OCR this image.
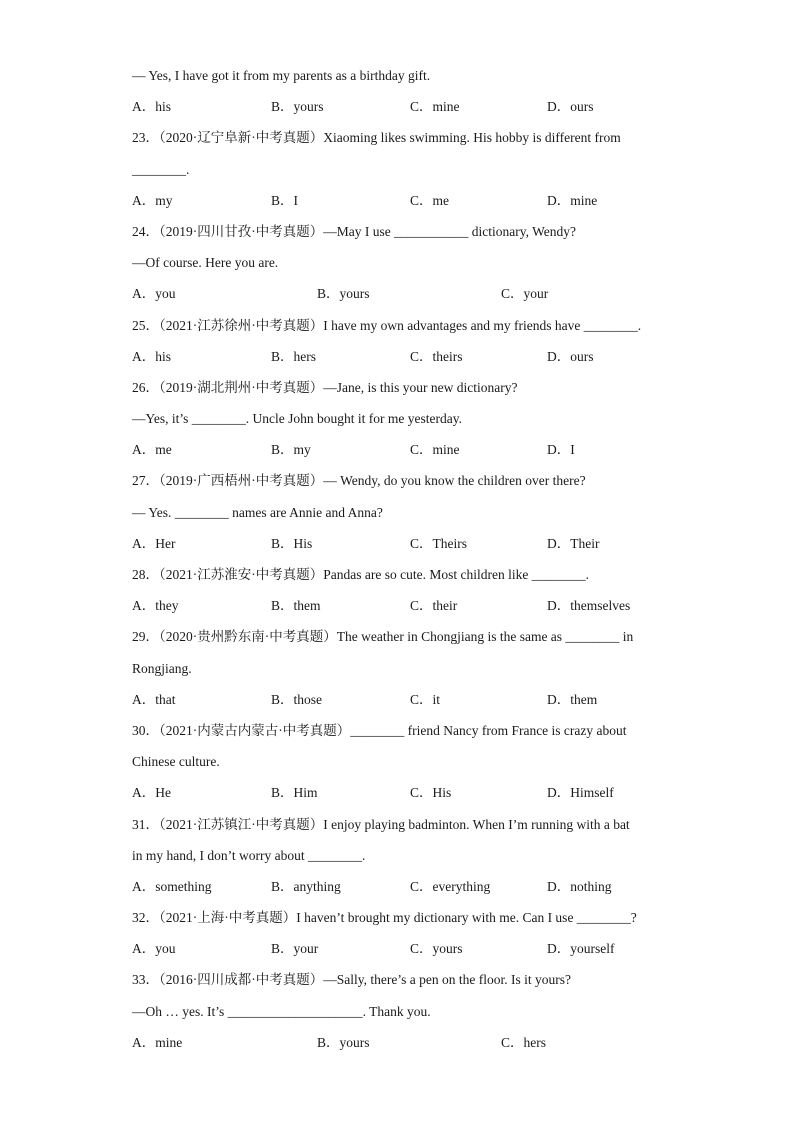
— Yes, I have got it from my parents as a birthday gift.
A．his	B．yours	C．mine	D．ours
23．（2020·辽宁阜新·中考真题）Xiaoming likes swimming. His hobby is different from
________.
A．my	B．I	C．me	D．mine
24．（2019·四川甘孜·中考真题）—May I use ___________ dictionary, Wendy?
—Of course. Here you are.
A．you	B．yours	C．your
25．（2021·江苏徐州·中考真题）I have my own advantages and my friends have ________.
A．his	B．hers	C．theirs	D．ours
26．（2019·湖北荆州·中考真题）—Jane, is this your new dictionary?
—Yes, it’s ________. Uncle John bought it for me yesterday.
A．me	B．my	C．mine	D．I
27．（2019·广西梧州·中考真题）— Wendy, do you know the children over there?
— Yes. ________ names are Annie and Anna?
A．Her	B．His	C．Theirs	D．Their
28．（2021·江苏淮安·中考真题）Pandas are so cute. Most children like ________.
A．they	B．them	C．their	D．themselves
29．（2020·贵州黔东南·中考真题）The weather in Chongjiang is the same as ________ in
Rongjiang.
A．that	B．those	C．it	D．them
30．（2021·内蒙古内蒙古·中考真题）________ friend Nancy from France is crazy about
Chinese culture.
A．He	B．Him	C．His	D．Himself
31．（2021·江苏镇江·中考真题）I enjoy playing badminton. When I’m running with a bat
in my hand, I don’t worry about ________.
A．something	B．anything	C．everything	D．nothing
32．（2021·上海·中考真题）I haven’t brought my dictionary with me. Can I use ________?
A．you	B．your	C．yours	D．yourself
33．（2016·四川成都·中考真题）—Sally, there’s a pen on the floor. Is it yours?
—Oh … yes. It’s ____________________. Thank you.
A．mine	B．yours	C．hers
